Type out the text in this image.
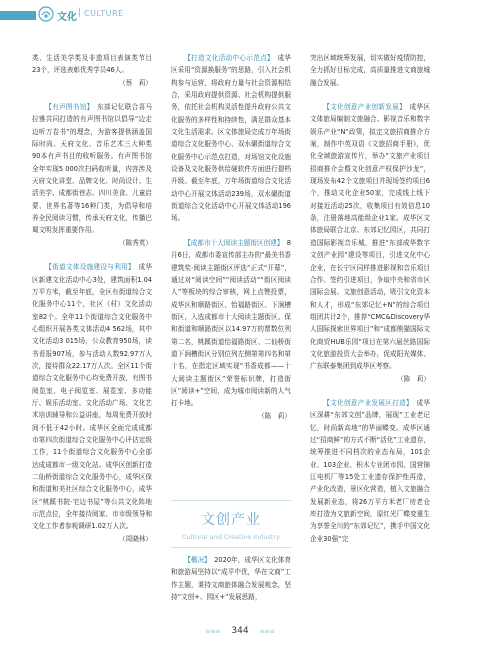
文化 | CULTURE

类、生活美学类及非遗项目表演类节目23个，评选表彰优秀学员46人。

（蔡　莉）

【有声图书馆】　东部记忆联合喜马拉雅共同打造的有声图书馆以倡导“边走边听万卷书”的理念，为游客提供涵盖国际时尚、天府文化、音乐艺术三大种类90本有声书目的收听服务。有声图书馆全年实现5 000次扫码收听量，内容涉及天府文化讲堂、品牌文化、时尚设计、生活美学、成都街巷志、四川美食、儿童启蒙、世界名著等16种门类，为倡导和培养全民阅读习惯，传承天府文化，传播巴蜀文明发挥重要作用。

（陈秀英）

【街道文体设施建设与利用】　成华区新建文化活动中心3处，建筑面积1.04万平方米，截至年底，全区有街道综合文化服务中心11个，社区（村）文化活动室82个。全年11个街道综合文化服务中心组织开展各类文体活动4 562场，其中文化活动3 015场，公众教育950场，读书看报907场，参与活动人数92.97万人次，接待群众22.17万人次。全区11个街道综合文化服务中心均免费开放，有图书阅览室、电子阅览室、展览室、多功能厅、娱乐活动室、文化活动广场、文化艺术培训辅导和公益讲座，每周免费开放时间不低于42小时。成华区全面完成成都市第四次街道综合文化服务中心评估定级工作，11个街道综合文化服务中心全部达成成都市一级文化站。成华区创新打造二仙桥街道综合文化服务中心，成华区保和街道和美社区综合文化服务中心，成华区“桃蹊书院·宅边书屋”等公共文化阵地示范点位，全年接待阅家、市市级领导和文化工作者参观调研1.02万人次。

（周晓林）

【打造文化活动中心示范点】　成华区采用“资源换服务”的思路，引入社会机构参与运营，将政府力量与社会资源相结合，采用政府提供资源、社会机构提供服务，依托社会机构灵活性提升政府公共文化服务的多样性和持续性，满足群众基本文化生活需求。区文体旅局完成万年场街道综合文化服务中心、双水碾街道综合文化服务中心示范点打造，对场馆文化设施设备及文化服务供给硬软件方面进行提档升级。截至年底，万年场街道综合文化活动中心开展文体活动239场，双水碾街道街道综合文化活动中心开展文体活动196场。

【成都市十大阅读主题街区创建】　8月6日，成都市委宣传部主办的“最美书香建筑奖·阅读主题街区评选”正式“开幕”，通过对“阅读空间”“阅读活动”“街区阅读人”等板块的综合审核，网上点赞投票，成华区和顺路街区、怡福路街区、下涧槽街区，入选成都市十大阅读主题街区。保和街道和顺路街区以14.97万的票数位列第二名，桃蹊街道怡福路街区、二仙桥街道下涧槽街区分别位列左侧第第四名和第十名，在指定区域实现“书香成都——十大阅读主题街区”荣誉标识牌，打造街区“阅读+”空间，成为城市阅读新的人气打卡地。

（陈　莉）

文创产业
Cultural and Creative Industry

【概况】　2020年，成华区文化体育和旅游局坚持以“成平中优，华在文商”工作主题，秉持文商旅体融合发展观念，坚持“文创+、园区+”发展思路，

突出区域统筹发展，切实做好疫情防控，全力抓好目标完成，高质量推进文商旅城融合发展。

【文化创意产业创新发展】　成华区文体旅局编制文旅融合、影视音乐和数字娱乐产业“N”政策，拟定文旅招商推介方案，制作中英双语《文旅招商手册》，优化全域旅游宣传片，举办“文旅产业项目招商推介会暨文化创意产权保护沙龙”，现场发布42个文旅项目并现场签约项目6个，推动文化企业50家，完成线上线下对接近活动25次，收集项目有效信息10条，注册落地高能级企业1家。成华区文体旅局联合北京、东郊记忆园区，共同打造国际影视音乐城，推进“东部成华数字文创产业园”建设等项目，引进文化中心企业，在长宁区同样推进影视和音乐项目合作。签约引进项目，争取中央和省市区国际会展、文旅创意活动，吸引文化资本和人才，形成“东郊记忆+N”的综合项目组团共计2个，推荐“CMC&Discovery华人国际探索世界项目”和“成都熊猫国际文化商贸HUB乐园”项目在第六届丝路国际文化旅游投资大会举办，促成阳光媒体、广东联泰集团到成华区考察。

（陈　莉）

【文化创意产业发展区打造】　成华区深耕“东郊文创”品牌，展现“工业老记忆，时尚新高地”的华丽蝶变。成华区通过“招商鲜”的方式不断“活化”工业遗存，统筹推进不同档次的业态布局，101企业、103企业、积木专业团市园、国营锦江电机厂等15处工业遗存保护性再造，产业化改造，景区化营造，植入文旅融合发展新业态，将26万平方米老厂房老仓库打造为文旅新空间，原红光厂蝶变重生为享誉全川的“东郊记忆”，携手中国文化企业30强“完

≡≡≡ 344 ≡≡≡
